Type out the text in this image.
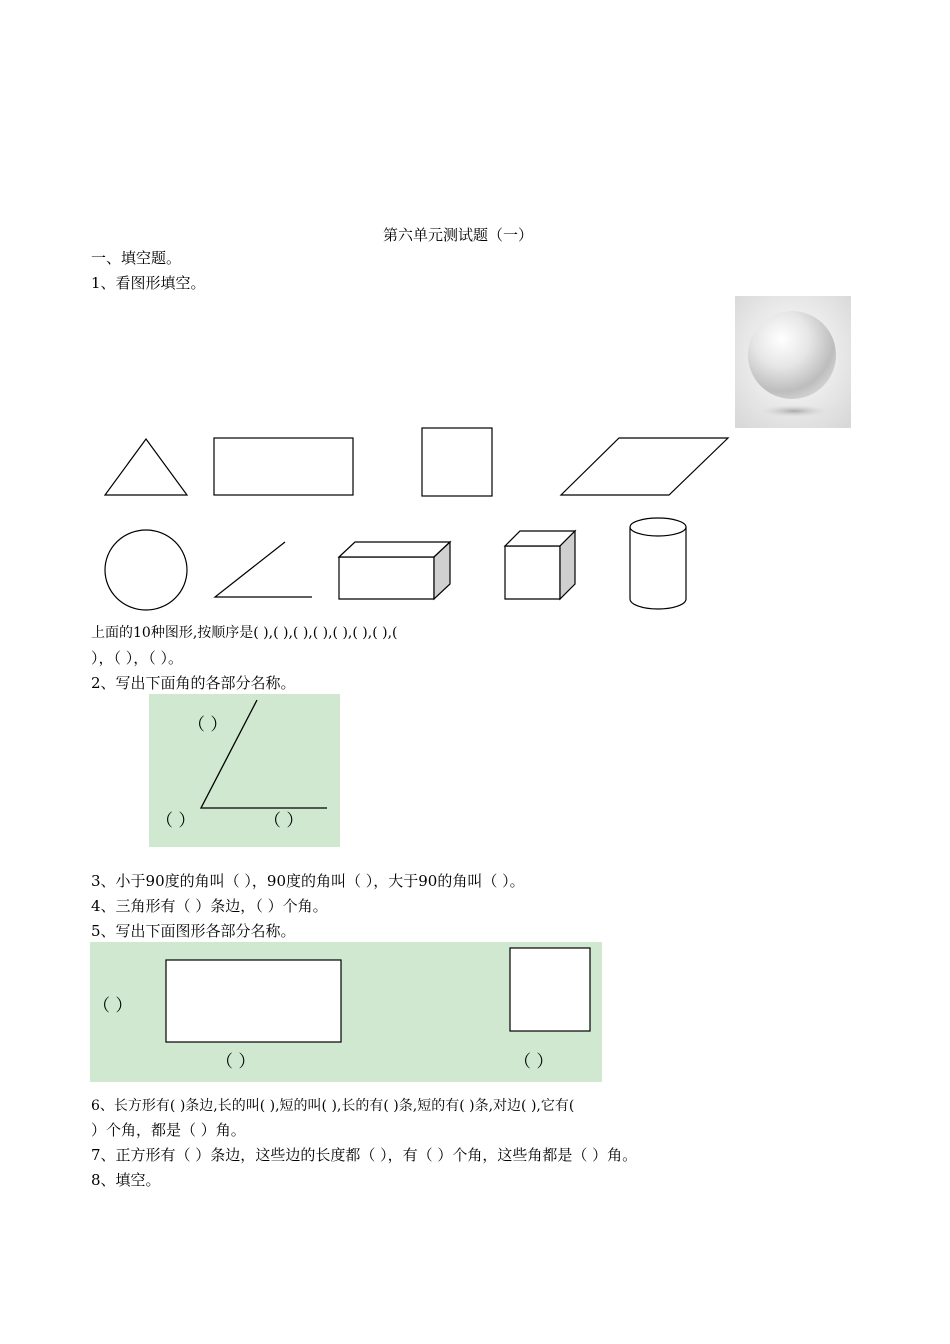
第六单元测试题（一）
一、填空题。
1、看图形填空。
上面的10种图形,按顺序是( ),( ),( ),( ),( ),( ),( ),(
），（ ），（ ）。
2、写出下面角的各部分名称。
（ ）
（ ）	（ ）
3、小于90度的角叫（ ），90度的角叫（ ），大于90的角叫（ ）。
4、三角形有（ ）条边，（ ）个角。
5、写出下面图形各部分名称。
（ ）
（ ）	（ ）
6、长方形有( )条边,长的叫( ),短的叫( ),长的有( )条,短的有( )条,对边( ),它有(
）个角，都是（ ）角。
7、正方形有（ ）条边，这些边的长度都（ ），有（ ）个角，这些角都是（ ）角。
8、填空。
